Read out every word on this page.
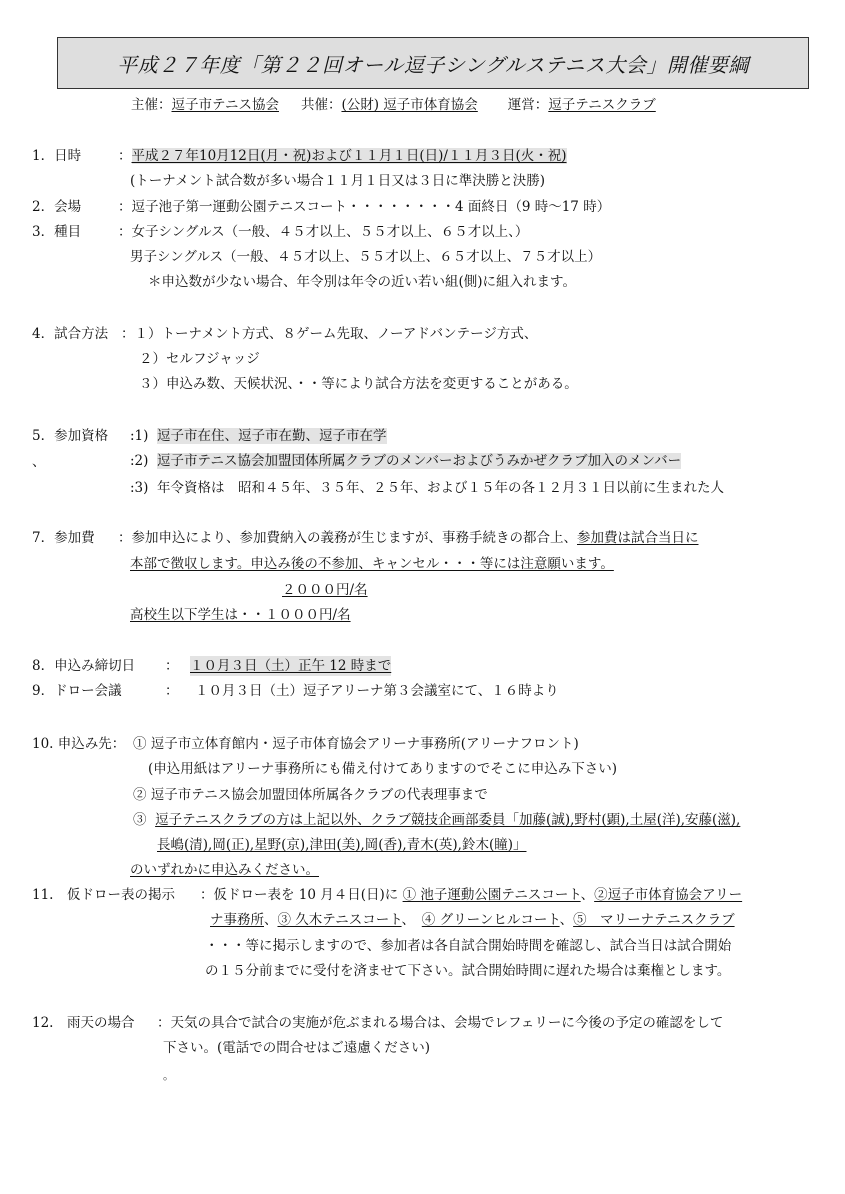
平成２７年度「第２２回オール逗子シングルステニス大会」開催要綱
主催：逗子市テニス協会 共催：(公財) 逗子市体育協会 運営：逗子テニスクラブ
1．日時	：平成２７年10月12日(月・祝)および１１月１日(日)/１１月３日(火・祝)
(トーナメント試合数が多い場合１１月１日又は３日に準決勝と決勝)
2．会場	：逗子池子第一運動公園テニスコート・・・・・・・・4 面終日（9 時〜17 時）
3．種目	：女子シングルス（一般、４５才以上、５５才以上、６５才以上、）
男子シングルス（一般、４５才以上、５５才以上、６５才以上、７５才以上）
＊申込数が少ない場合、年令別は年令の近い若い組(側)に組入れます。
4．試合方法 ：１）トーナメント方式、８ゲーム先取、ノーアドバンテージ方式、
２）セルフジャッジ
３）申込み数、天候状況、・・等により試合方法を変更することがある。
5．参加資格 :1) 逗子市在住、逗子市在勤、逗子市在学
、	:2) 逗子市テニス協会加盟団体所属クラブのメンバーおよびうみかぜクラブ加入のメンバー
:3) 年令資格は　昭和４５年、３５年、２５年、および１５年の各１２月３１日以前に生まれた人
7．参加費 ：参加申込により、参加費納入の義務が生じますが、事務手続きの都合上、参加費は試合当日に
本部で徴収します。申込み後の不参加、キャンセル・・・等には注意願います。
２０００円/名
高校生以下学生は・・１０００円/名
8．申込み締切日 ： １０月３日（土）正午 12 時まで
9．ドロー会議	： １０月３日（土）逗子アリーナ第３会議室にて、１６時より
10. 申込み先： ① 逗子市立体育館内・逗子市体育協会アリーナ事務所(アリーナフロント)
(申込用紙はアリーナ事務所にも備え付けてありますのでそこに申込み下さい)
② 逗子市テニス協会加盟団体所属各クラブの代表理事まで
③ 逗子テニスクラブの方は上記以外、クラブ競技企画部委員「加藤(誠),野村(顕),土屋(洋),安藤(滋),
長嶋(清),岡(正),星野(京),津田(美),岡(香),青木(英),鈴木(瞳)」
のいずれかに申込みください。
11.　仮ドロー表の掲示 ：仮ドロー表を 10 月４日(日)に ① 池子運動公園テニスコート、②逗子市体育協会アリー
ナ事務所、③ 久木テニスコート、　④ グリーンヒルコート、⑤　マリーナテニスクラブ
・・・等に掲示しますので、参加者は各自試合開始時間を確認し、試合当日は試合開始
の１５分前までに受付を済ませて下さい。試合開始時間に遅れた場合は棄権とします。
12.　雨天の場合 ：天気の具合で試合の実施が危ぶまれる場合は、会場でレフェリーに今後の予定の確認をして
下さい。(電話での問合せはご遠慮ください)
。
